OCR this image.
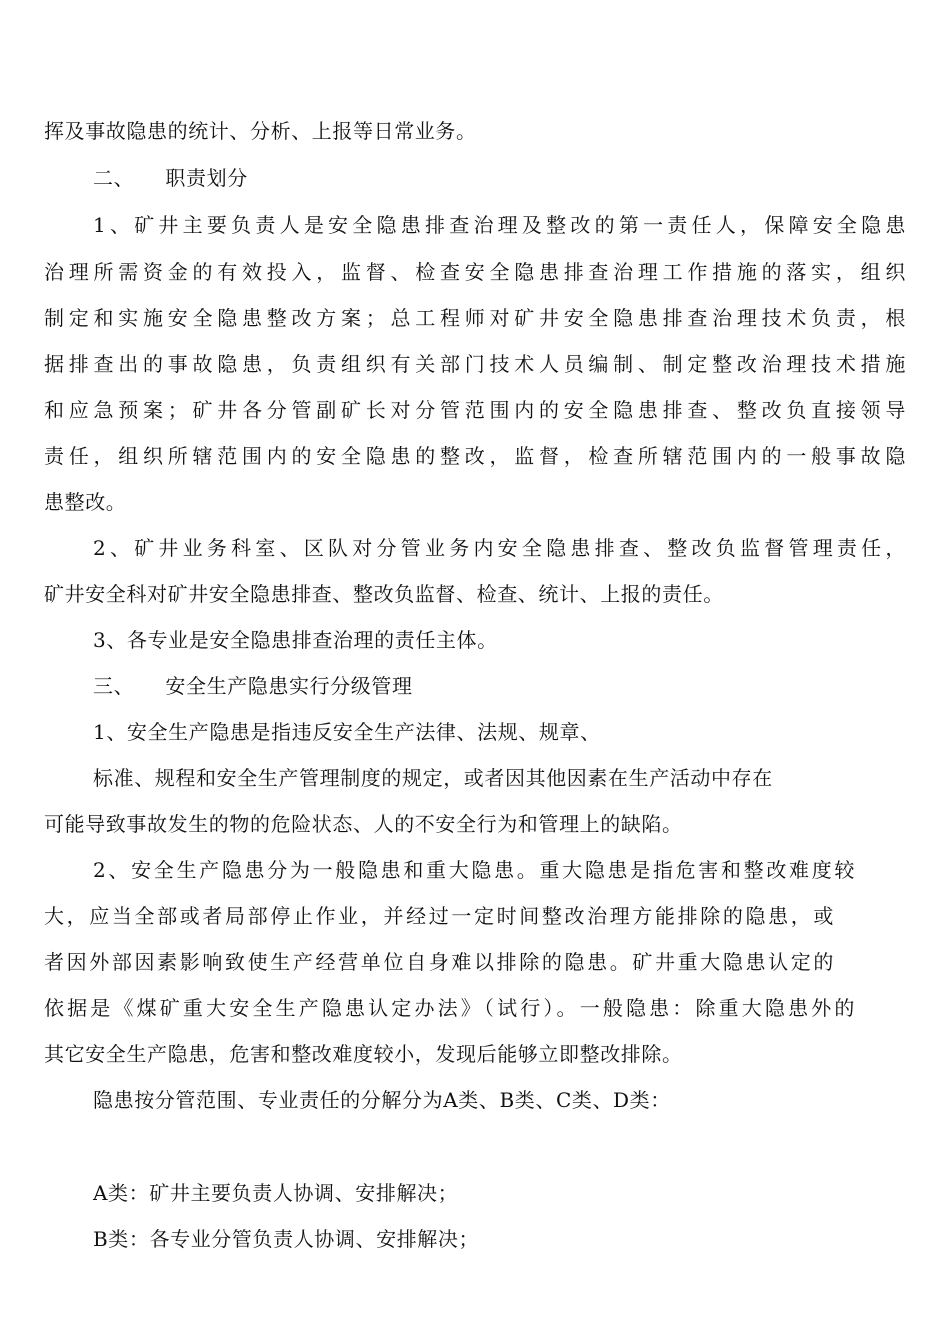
挥及事故隐患的统计、分析、上报等日常业务。
二、　　职责划分
1、矿井主要负责人是安全隐患排查治理及整改的第一责任人，保障安全隐患
治理所需资金的有效投入，监督、检查安全隐患排查治理工作措施的落实，组织
制定和实施安全隐患整改方案；总工程师对矿井安全隐患排查治理技术负责，根
据排查出的事故隐患，负责组织有关部门技术人员编制、制定整改治理技术措施
和应急预案；矿井各分管副矿长对分管范围内的安全隐患排查、整改负直接领导
责任，组织所辖范围内的安全隐患的整改，监督，检查所辖范围内的一般事故隐
患整改。
2、矿井业务科室、区队对分管业务内安全隐患排查、整改负监督管理责任，
矿井安全科对矿井安全隐患排查、整改负监督、检查、统计、上报的责任。
3、各专业是安全隐患排查治理的责任主体。
三、　　安全生产隐患实行分级管理
1、安全生产隐患是指违反安全生产法律、法规、规章、
标准、规程和安全生产管理制度的规定，或者因其他因素在生产活动中存在
可能导致事故发生的物的危险状态、人的不安全行为和管理上的缺陷。
2、安全生产隐患分为一般隐患和重大隐患。重大隐患是指危害和整改难度较
大，应当全部或者局部停止作业，并经过一定时间整改治理方能排除的隐患，或
者因外部因素影响致使生产经营单位自身难以排除的隐患。矿井重大隐患认定的
依据是《煤矿重大安全生产隐患认定办法》（试行）。一般隐患：除重大隐患外的
其它安全生产隐患，危害和整改难度较小，发现后能够立即整改排除。
隐患按分管范围、专业责任的分解分为A类、B类、C类、D类：
A类：矿井主要负责人协调、安排解决；
B类：各专业分管负责人协调、安排解决；
